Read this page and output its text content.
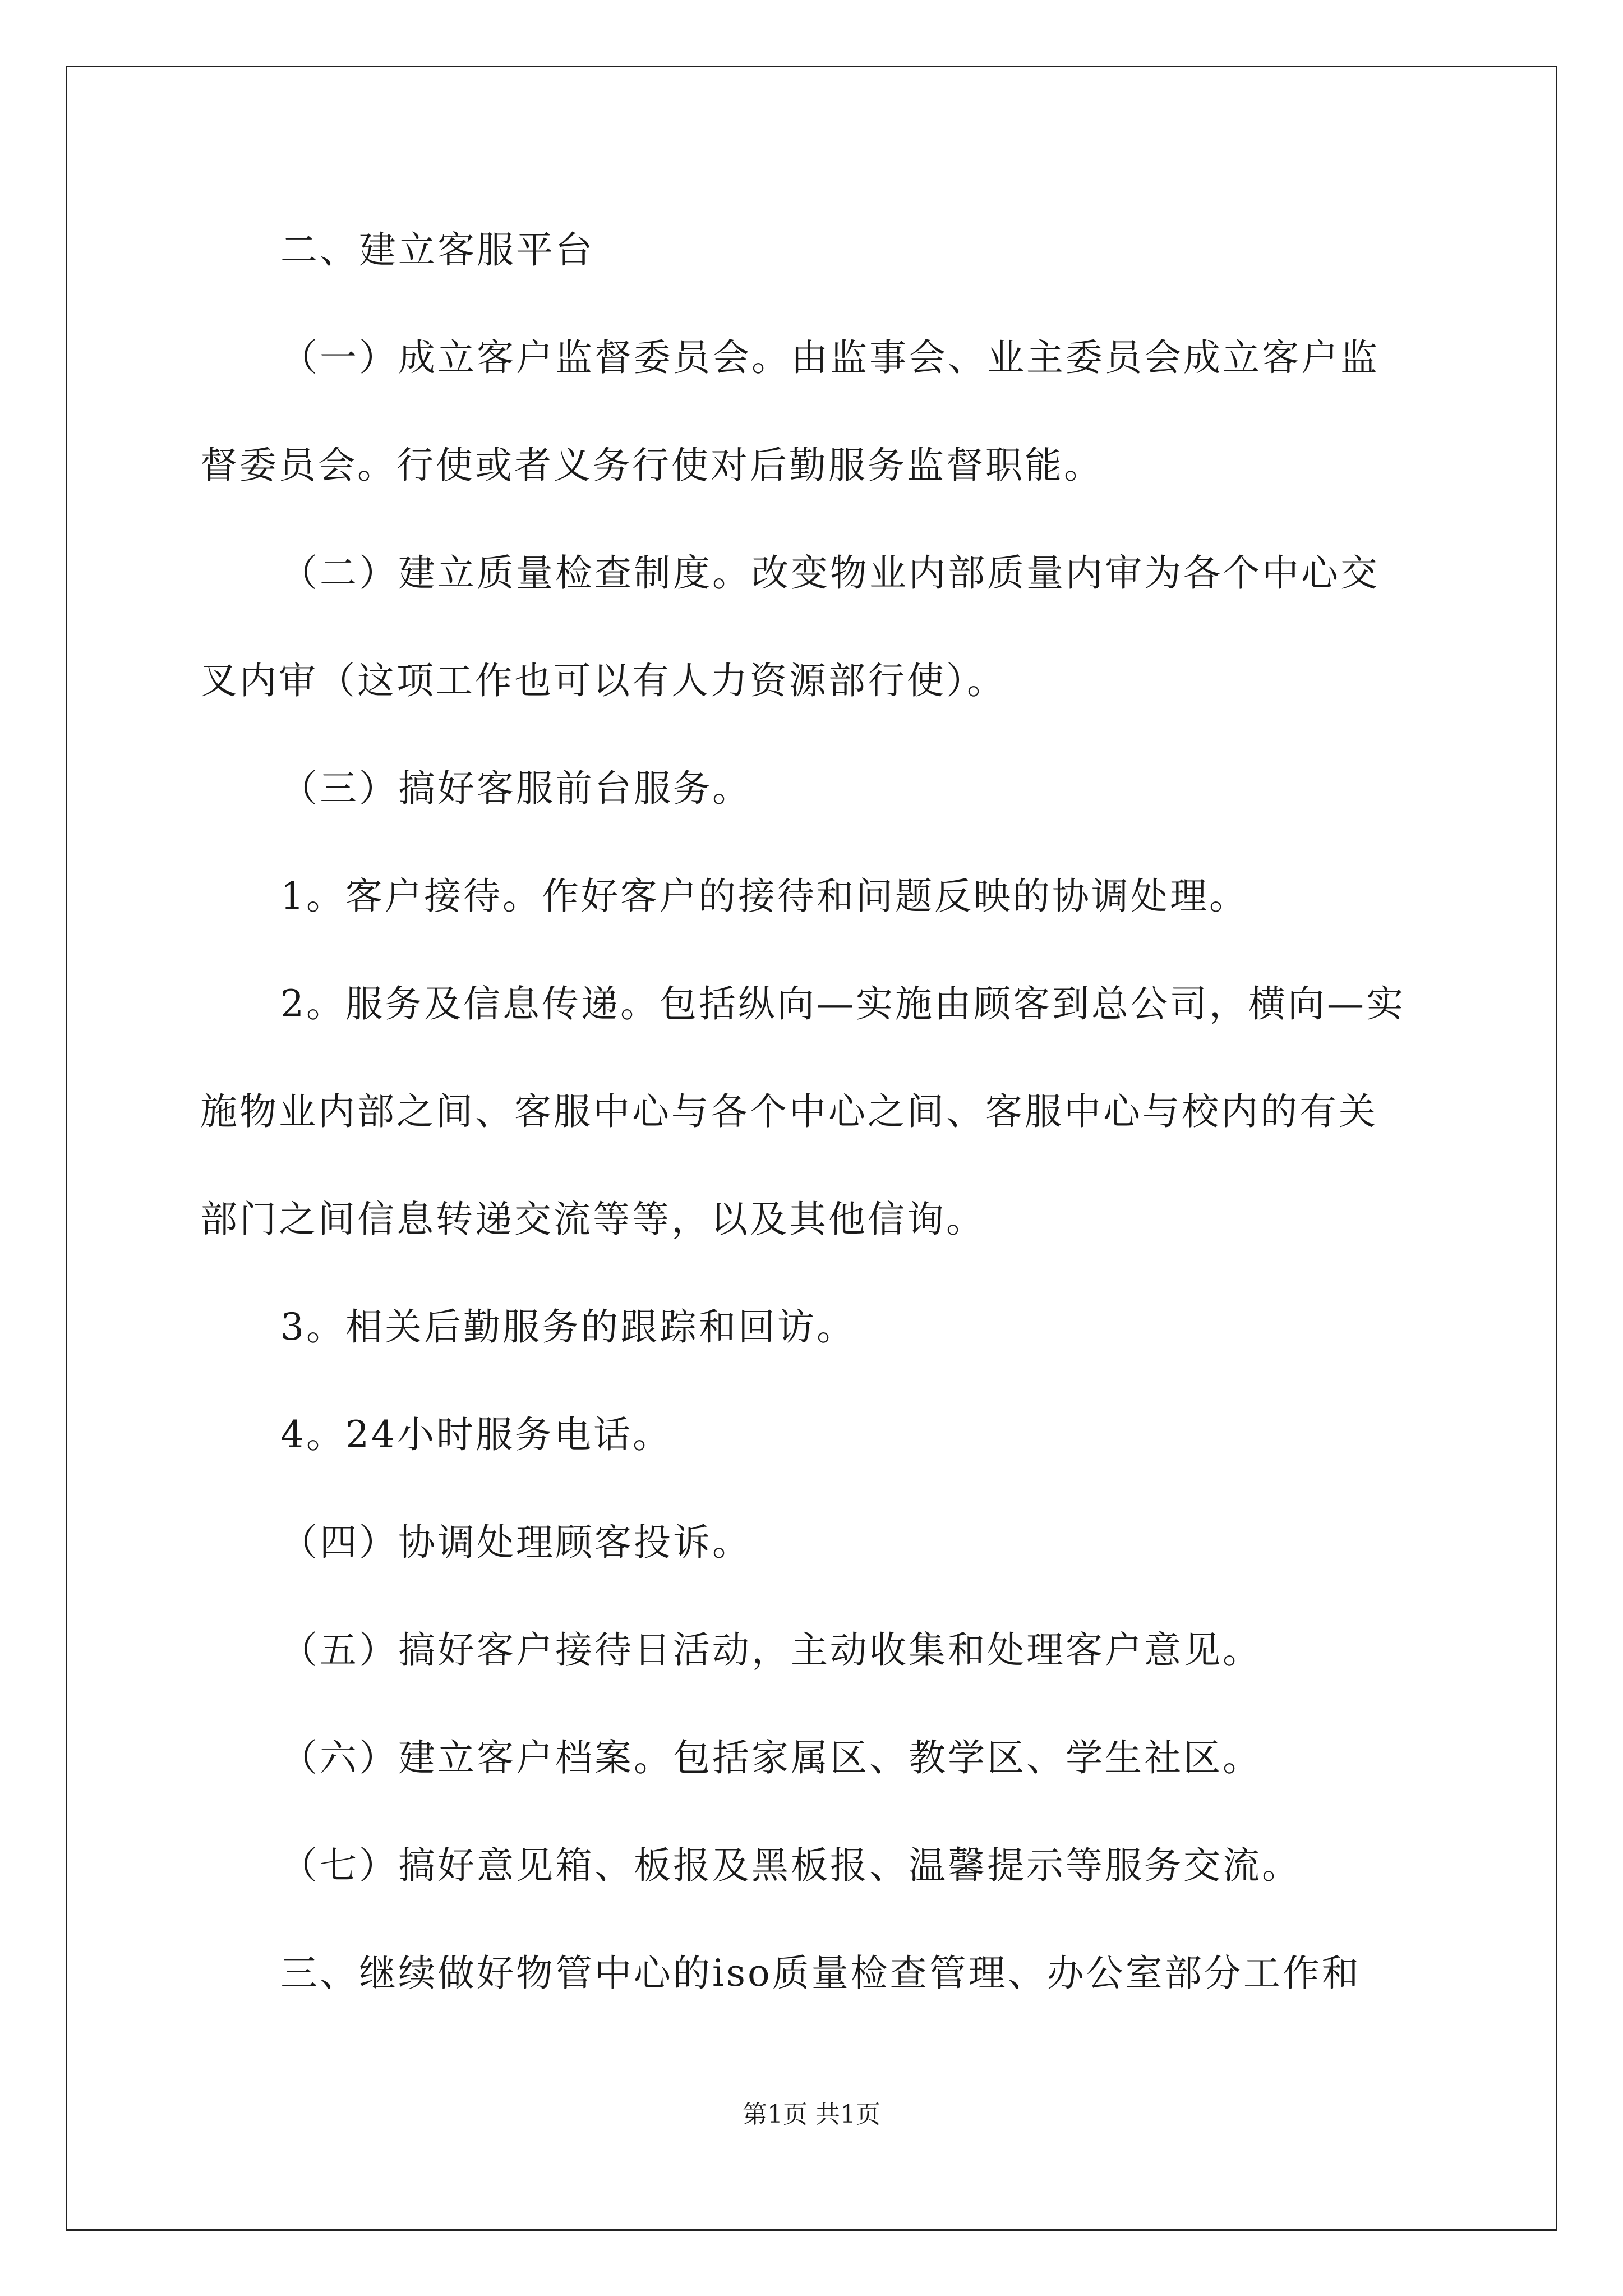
二、建立客服平台

（一）成立客户监督委员会。由监事会、业主委员会成立客户监

督委员会。行使或者义务行使对后勤服务监督职能。

（二）建立质量检查制度。改变物业内部质量内审为各个中心交

叉内审（这项工作也可以有人力资源部行使）。

（三）搞好客服前台服务。

1。客户接待。作好客户的接待和问题反映的协调处理。

2。服务及信息传递。包括纵向—实施由顾客到总公司，横向—实

施物业内部之间、客服中心与各个中心之间、客服中心与校内的有关

部门之间信息转递交流等等，以及其他信询。

3。相关后勤服务的跟踪和回访。

4。24小时服务电话。

（四）协调处理顾客投诉。

（五）搞好客户接待日活动，主动收集和处理客户意见。

（六）建立客户档案。包括家属区、教学区、学生社区。

（七）搞好意见箱、板报及黑板报、温馨提示等服务交流。

三、继续做好物管中心的iso质量检查管理、办公室部分工作和

第1页 共1页
